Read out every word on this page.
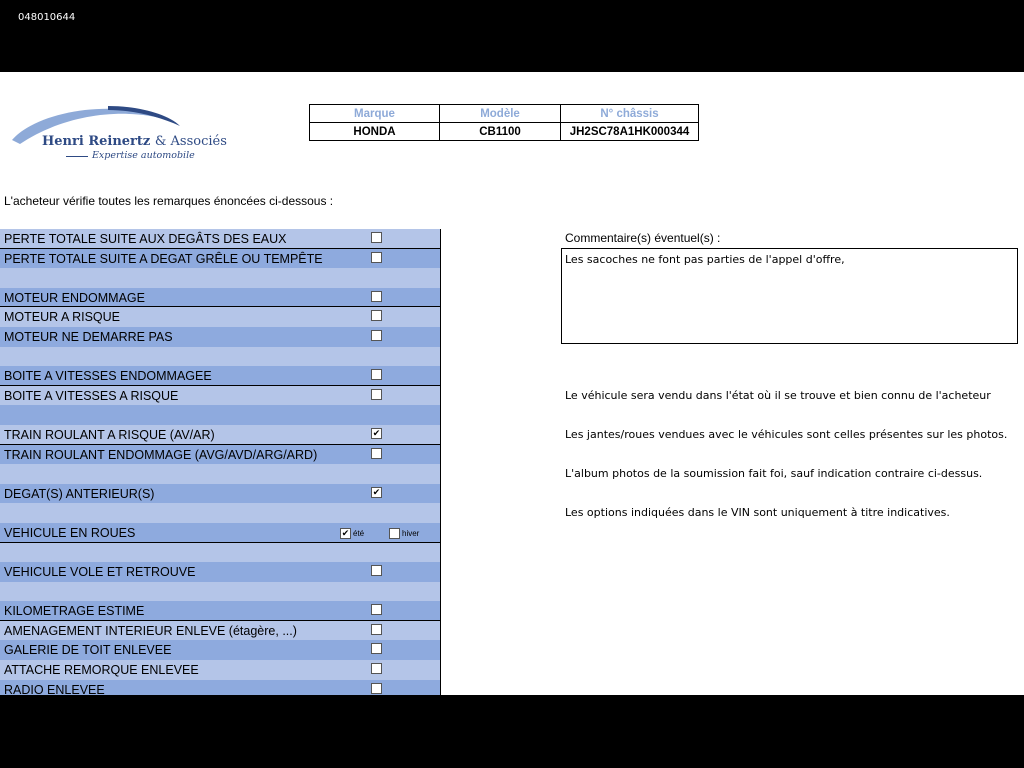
048010644
Henri Reinertz & Associés
Expertise automobile
Marque	Modèle	N° châssis
HONDA	CB1100	JH2SC78A1HK000344
L'acheteur vérifie toutes les remarques énoncées ci-dessous :
PERTE TOTALE SUITE AUX DEGÂTS DES EAUX
PERTE TOTALE SUITE A DEGAT GRÊLE OU TEMPÊTE
MOTEUR ENDOMMAGE
MOTEUR A RISQUE
MOTEUR NE DEMARRE PAS
BOITE A VITESSES ENDOMMAGEE
BOITE A VITESSES A RISQUE
TRAIN ROULANT A RISQUE (AV/AR)	✔
TRAIN ROULANT ENDOMMAGE (AVG/AVD/ARG/ARD)
DEGAT(S) ANTERIEUR(S)	✔
VEHICULE EN ROUES	✔ été	hiver
VEHICULE VOLE ET RETROUVE
KILOMETRAGE ESTIME
AMENAGEMENT INTERIEUR ENLEVE (étagère, ...)
GALERIE DE TOIT ENLEVEE
ATTACHE REMORQUE ENLEVEE
RADIO ENLEVEE
Commentaire(s) éventuel(s) :
Les sacoches ne font pas parties de l'appel d'offre,
Le véhicule sera vendu dans l'état où il se trouve et bien connu de l'acheteur
Les jantes/roues vendues avec le véhicules sont celles présentes sur les photos.
L'album photos de la soumission fait foi, sauf indication contraire ci-dessus.
Les options indiquées dans le VIN sont uniquement à titre indicatives.
